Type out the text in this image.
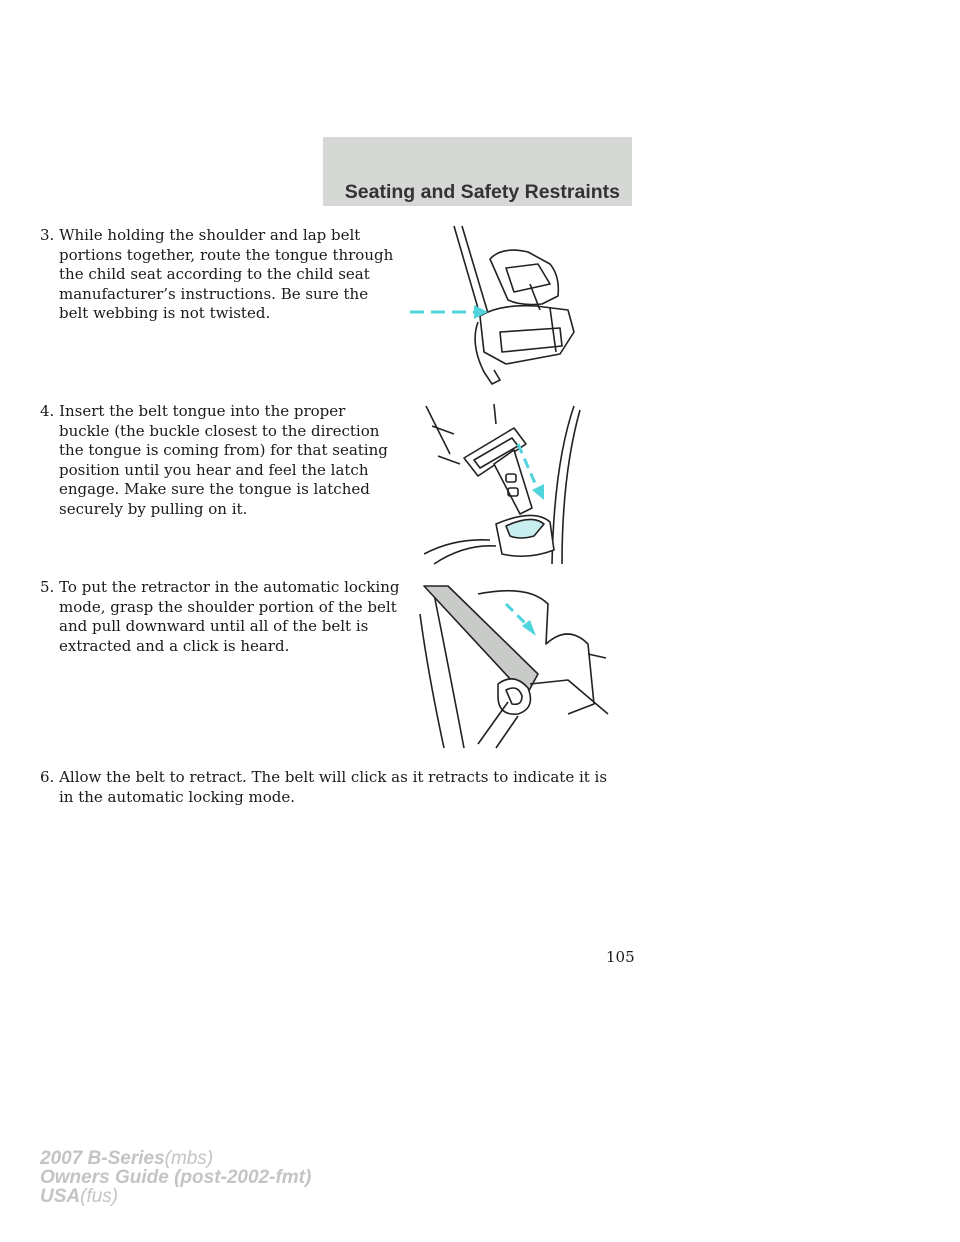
Seating and Safety Restraints
3. While holding the shoulder and lap belt portions together, route the tongue through the child seat according to the child seat manufacturer’s instructions. Be sure the belt webbing is not twisted.
4. Insert the belt tongue into the proper buckle (the buckle closest to the direction the tongue is coming from) for that seating position until you hear and feel the latch engage. Make sure the tongue is latched securely by pulling on it.
5. To put the retractor in the automatic locking mode, grasp the shoulder portion of the belt and pull downward until all of the belt is extracted and a click is heard.
6. Allow the belt to retract. The belt will click as it retracts to indicate it is in the automatic locking mode.
105
2007 B-Series(mbs)
Owners Guide (post-2002-fmt)
USA(fus)
